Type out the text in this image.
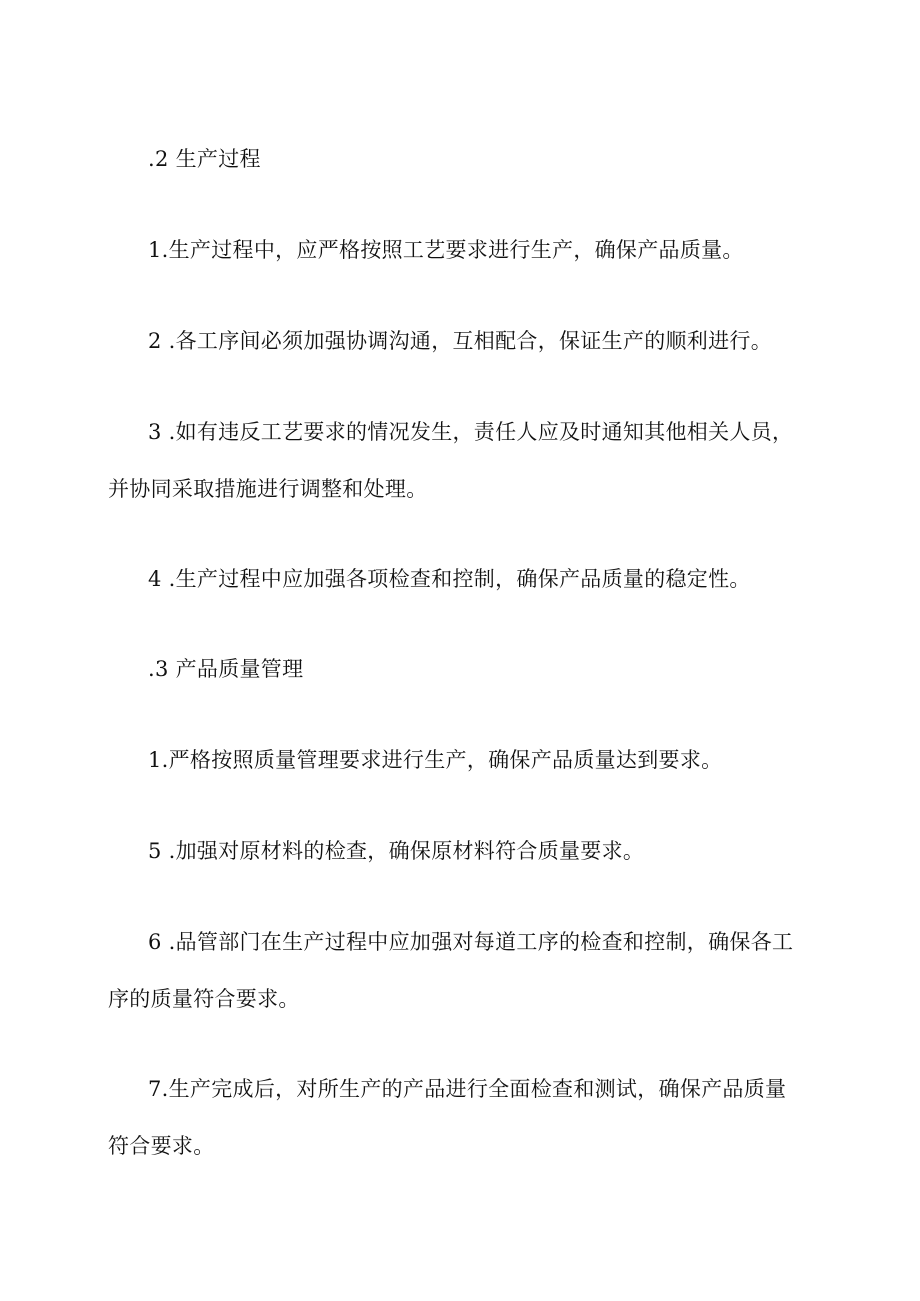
.2 生产过程
1.生产过程中，应严格按照工艺要求进行生产，确保产品质量。
2 .各工序间必须加强协调沟通，互相配合，保证生产的顺利进行。
3 .如有违反工艺要求的情况发生，责任人应及时通知其他相关人员，
并协同采取措施进行调整和处理。
4 .生产过程中应加强各项检查和控制，确保产品质量的稳定性。
.3 产品质量管理
1.严格按照质量管理要求进行生产，确保产品质量达到要求。
5 .加强对原材料的检查，确保原材料符合质量要求。
6 .品管部门在生产过程中应加强对每道工序的检查和控制，确保各工
序的质量符合要求。
7.生产完成后，对所生产的产品进行全面检查和测试，确保产品质量
符合要求。
